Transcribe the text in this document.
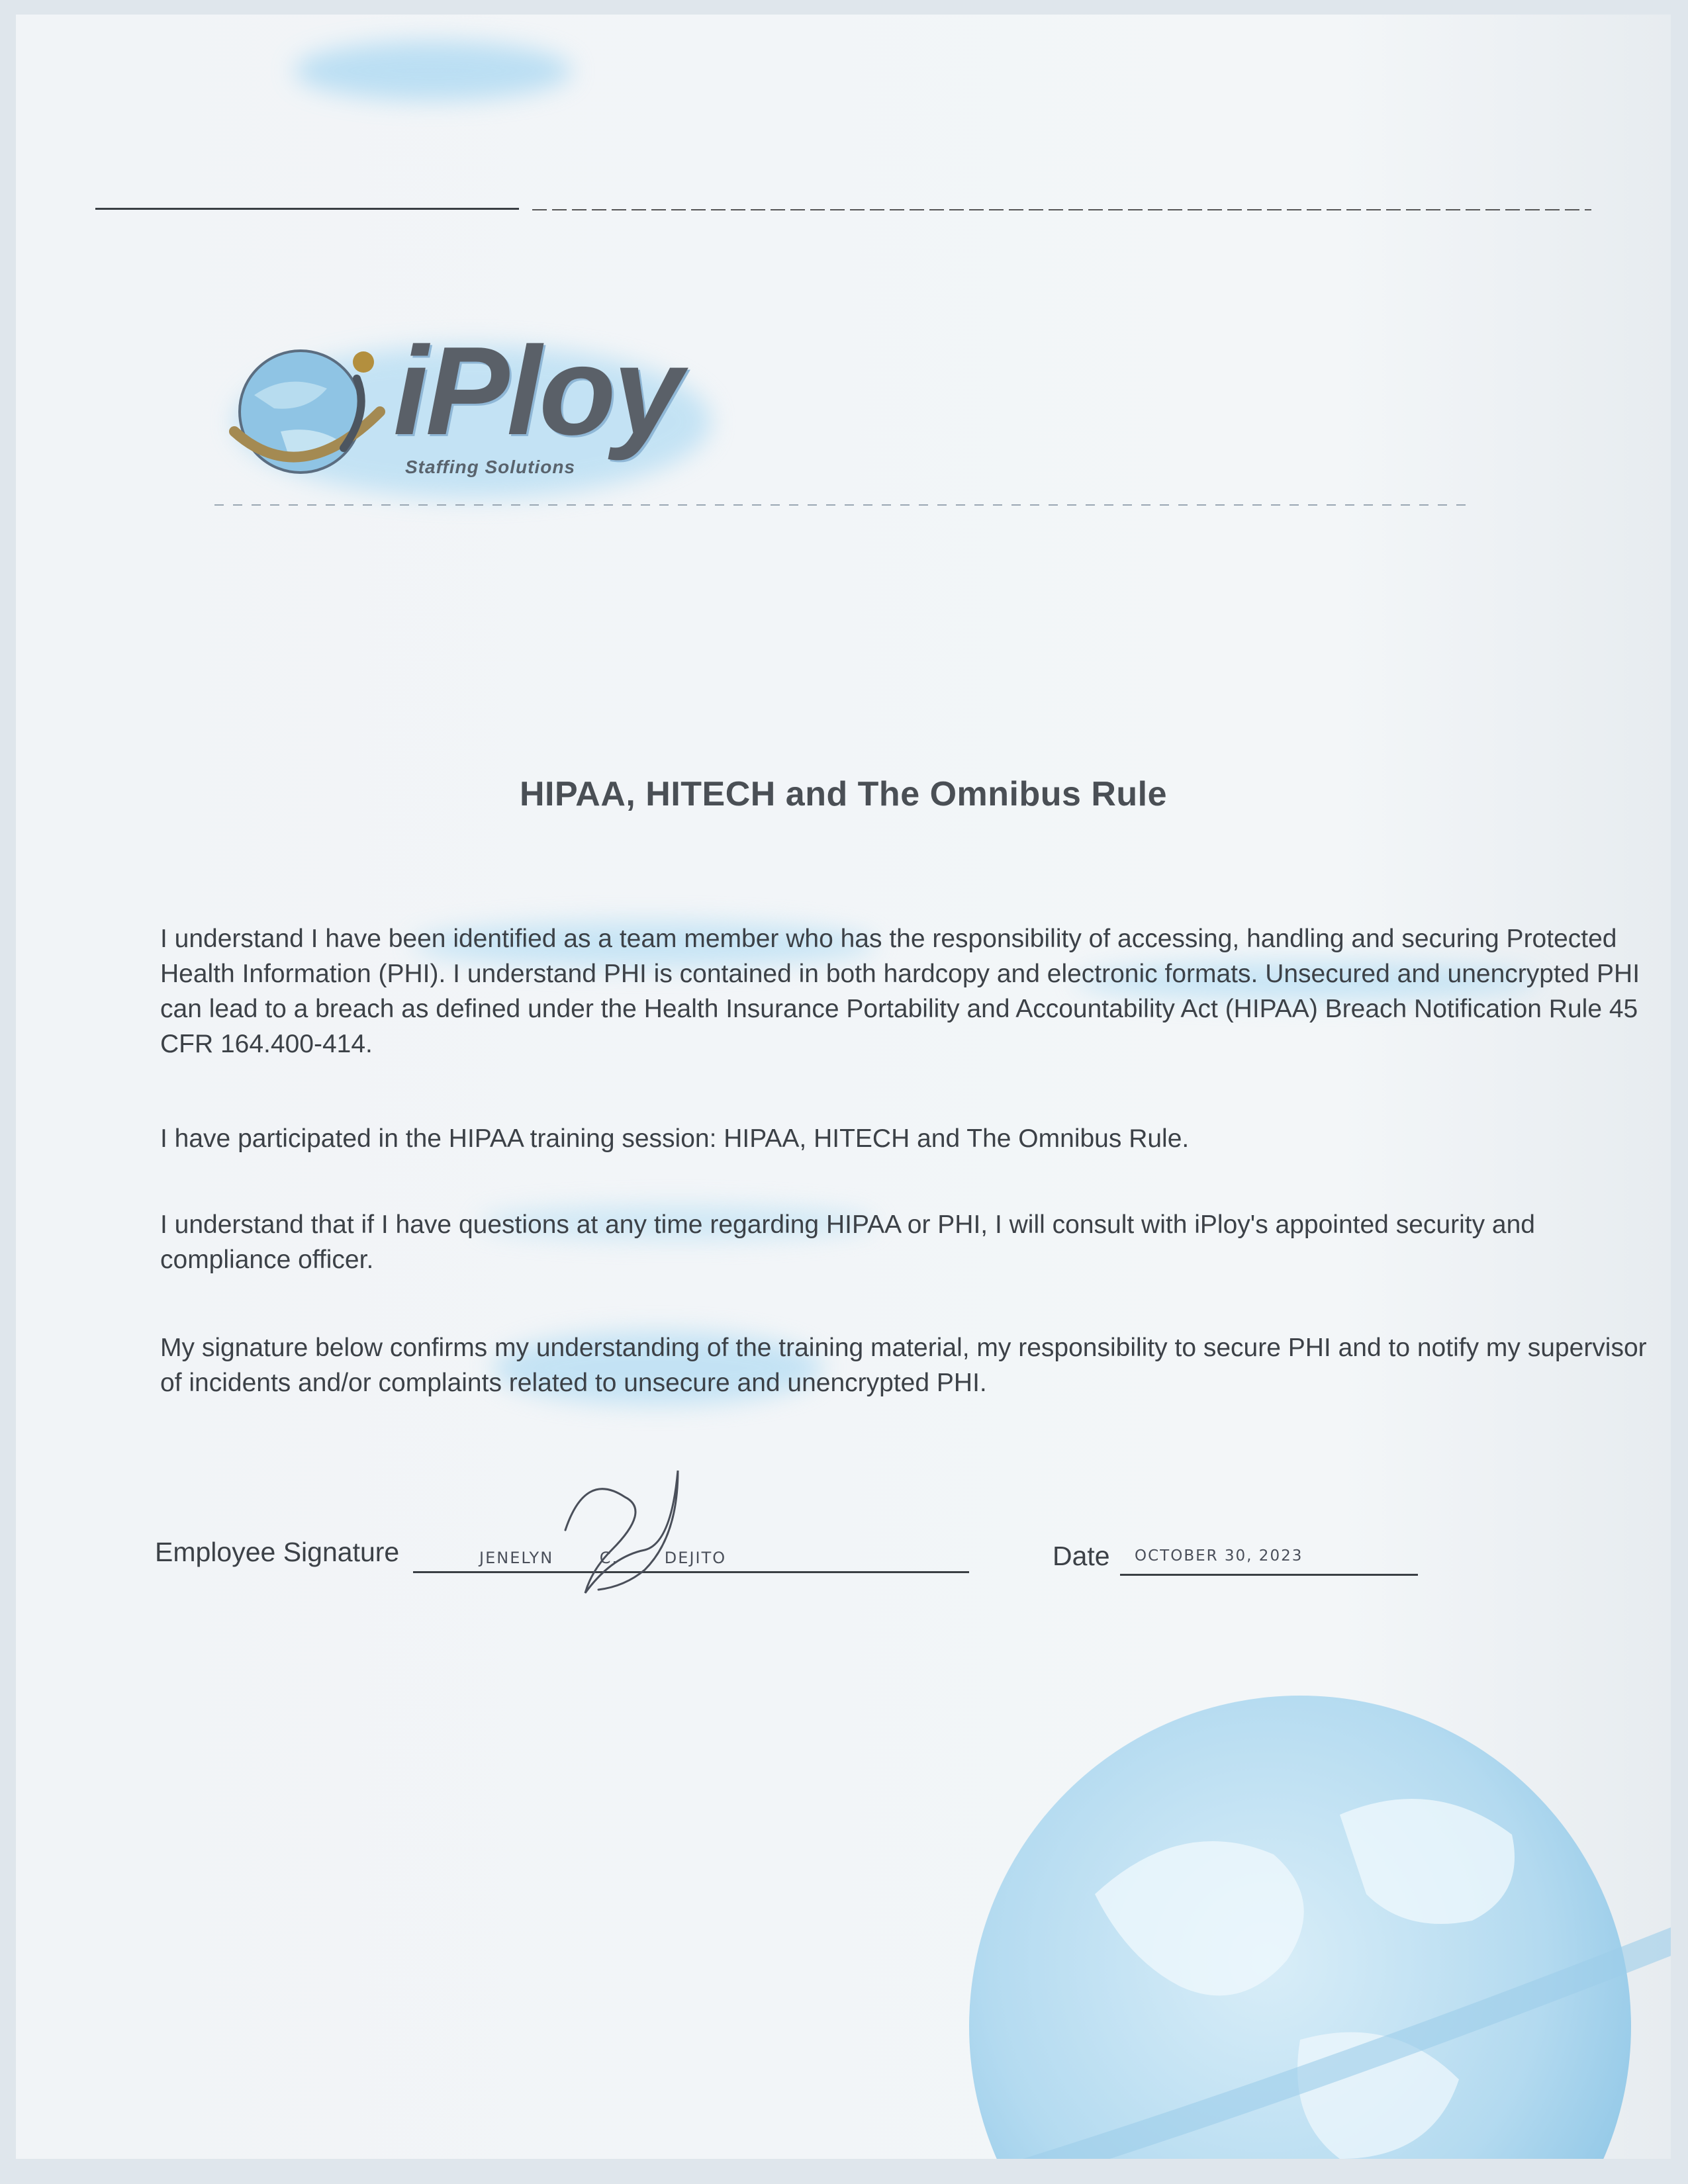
iPloy
Staffing Solutions
HIPAA, HITECH and The Omnibus Rule
I understand I have been identified as a team member who has the responsibility of accessing, handling and securing Protected Health Information (PHI). I understand PHI is contained in both hardcopy and electronic formats. Unsecured and unencrypted PHI can lead to a breach as defined under the Health Insurance Portability and Accountability Act (HIPAA) Breach Notification Rule 45 CFR 164.400-414.
I have participated in the HIPAA training session: HIPAA, HITECH and The Omnibus Rule.
I understand that if I have questions at any time regarding HIPAA or PHI, I will consult with iPloy's appointed security and compliance officer.
My signature below confirms my understanding of the training material, my responsibility to secure PHI and to notify my supervisor of incidents and/or complaints related to unsecure and unencrypted PHI.
Employee Signature	JENELYN C. DEJITO	Date OCTOBER 30, 2023
